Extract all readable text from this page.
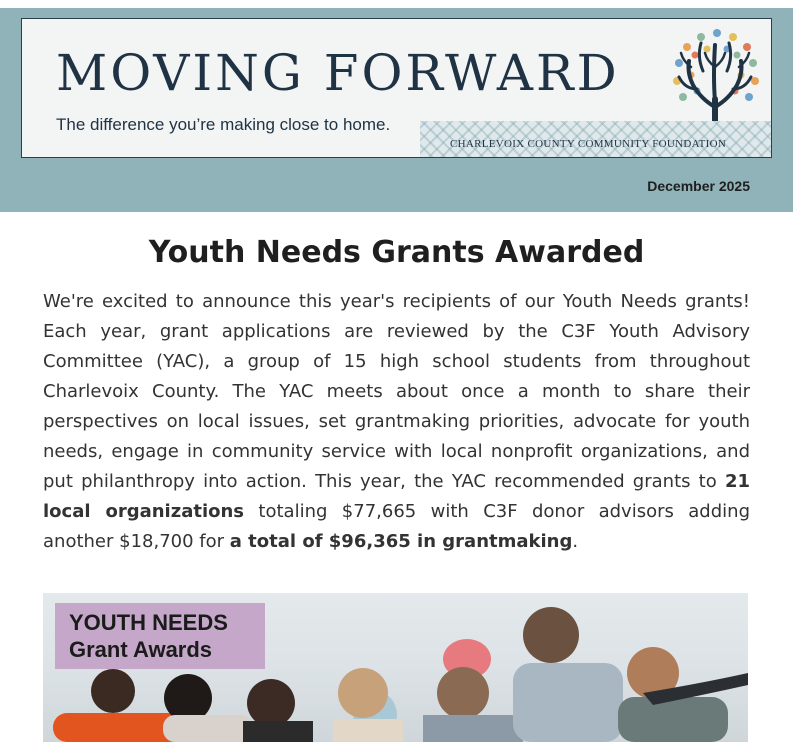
MOVING FORWARD
The difference you’re making close to home.
CHARLEVOIX COUNTY COMMUNITY FOUNDATION
December 2025
Youth Needs Grants Awarded

We're excited to announce this year's recipients of our Youth Needs grants! Each year, grant applications are reviewed by the C3F Youth Advisory Committee (YAC), a group of 15 high school students from throughout Charlevoix County. The YAC meets about once a month to share their perspectives on local issues, set grantmaking priorities, advocate for youth needs, engage in community service with local nonprofit organizations, and put philanthropy into action. This year, the YAC recommended grants to 21 local organizations totaling $77,665 with C3F donor advisors adding another $18,700 for a total of $96,365 in grantmaking.

YOUTH NEEDS
Grant Awards
